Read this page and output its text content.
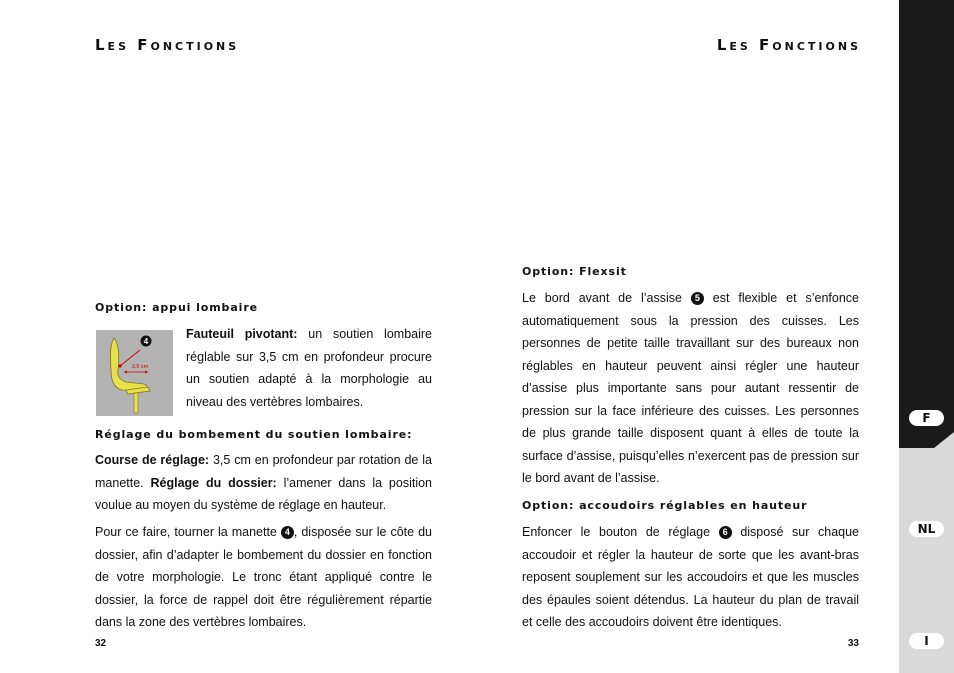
Les Fonctions
Option: appui lombaire
4
3,5 cm

Fauteuil pivotant: un soutien lombaire réglable sur 3,5 cm en profondeur procure un soutien adapté à la morphologie au niveau des vertèbres lombaires.

Réglage du bombement du soutien lombaire:

Course de réglage: 3,5 cm en profondeur par rotation de la manette. Réglage du dossier: l’amener dans la position voulue au moyen du système de réglage en hauteur.

Pour ce faire, tourner la manette 4 , disposée sur le côte du dossier, afin d’adapter le bombement du dossier en fonction de votre morphologie. Le tronc étant appliqué contre le dossier, la force de rappel doit être régulièrement répartie dans la zone des vertèbres lombaires.

32

Les Fonctions
Option: Flexsit

Le bord avant de l’assise 5 est flexible et s’enfonce automatiquement sous la pression des cuisses. Les personnes de petite taille travaillant sur des bureaux non réglables en hauteur peuvent ainsi régler une hauteur d’assise plus importante sans pour autant ressentir de pression sur la face inférieure des cuisses. Les personnes de plus grande taille disposent quant à elles de toute la surface d’assise, puisqu’elles n’exercent pas de pression sur le bord avant de l’assise.

Option: accoudoirs réglables en hauteur

Enfoncer le bouton de réglage 6 disposé sur chaque accoudoir et régler la hauteur de sorte que les avant-bras reposent souplement sur les accoudoirs et que les muscles des épaules soient détendus. La hauteur du plan de travail et celle des accoudoirs doivent être identiques.

33

F
NL
I
